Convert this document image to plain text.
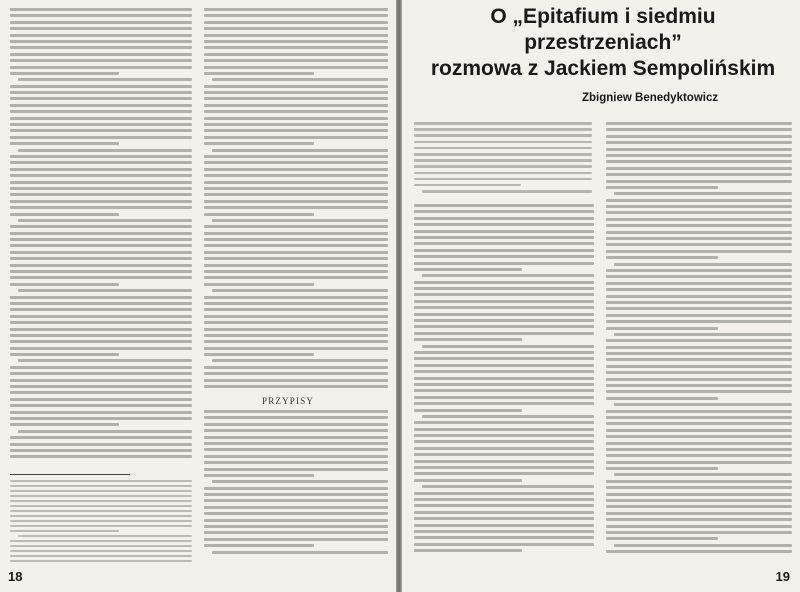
PRZYPISY
18
O „Epitafium i siedmiu przestrzeniach”
rozmowa z Jackiem Sempolińskim

Zbigniew Benedyktowicz

19
